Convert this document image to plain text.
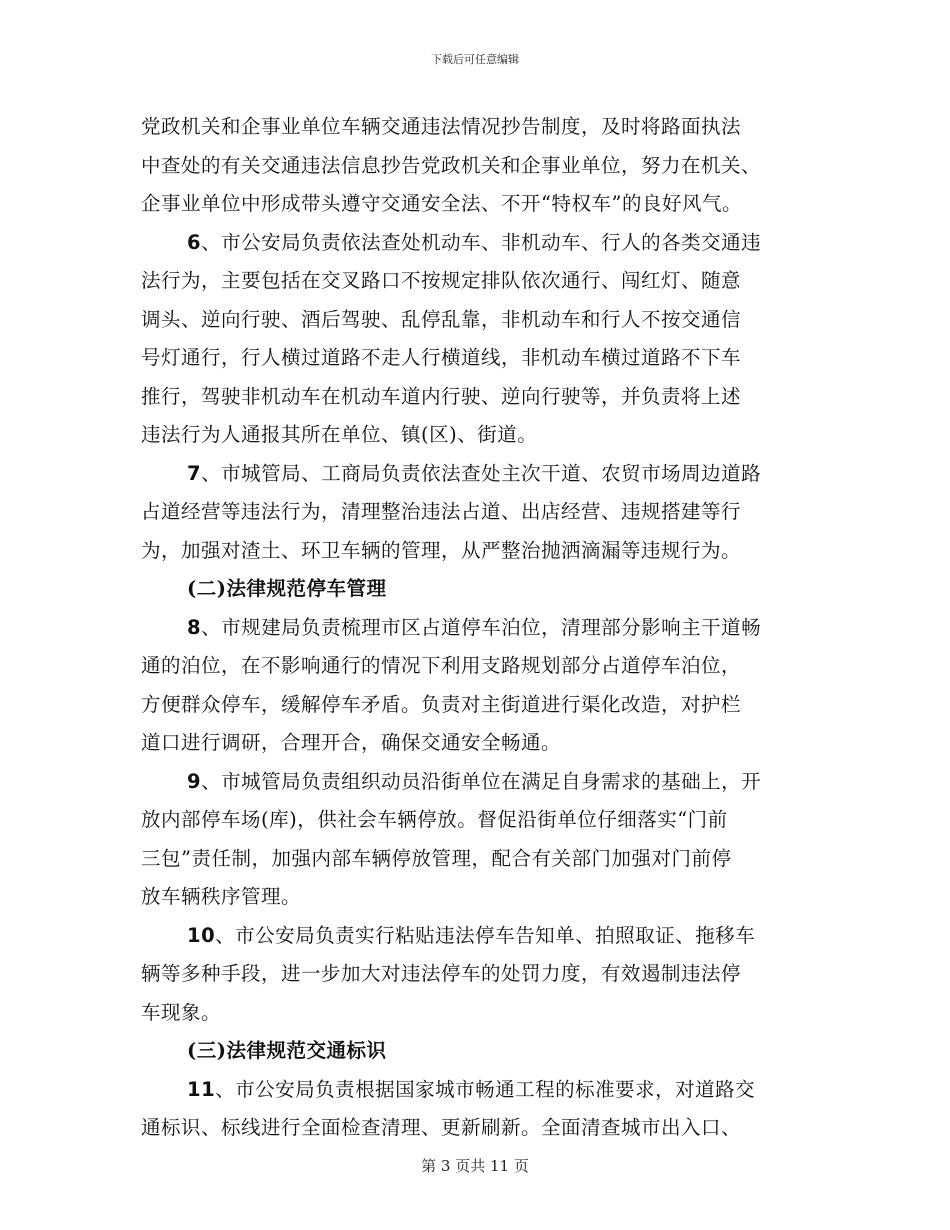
下载后可任意编辑
党政机关和企事业单位车辆交通违法情况抄告制度，及时将路面执法
中查处的有关交通违法信息抄告党政机关和企事业单位，努力在机关、
企事业单位中形成带头遵守交通安全法、不开“特权车”的良好风气。
6、市公安局负责依法查处机动车、非机动车、行人的各类交通违
法行为，主要包括在交叉路口不按规定排队依次通行、闯红灯、随意
调头、逆向行驶、酒后驾驶、乱停乱靠，非机动车和行人不按交通信
号灯通行，行人横过道路不走人行横道线，非机动车横过道路不下车
推行，驾驶非机动车在机动车道内行驶、逆向行驶等，并负责将上述
违法行为人通报其所在单位、镇(区)、街道。
7、市城管局、工商局负责依法查处主次干道、农贸市场周边道路
占道经营等违法行为，清理整治违法占道、出店经营、违规搭建等行
为，加强对渣土、环卫车辆的管理，从严整治抛洒滴漏等违规行为。
(二)法律规范停车管理
8、市规建局负责梳理市区占道停车泊位，清理部分影响主干道畅
通的泊位，在不影响通行的情况下利用支路规划部分占道停车泊位，
方便群众停车，缓解停车矛盾。负责对主街道进行渠化改造，对护栏
道口进行调研，合理开合，确保交通安全畅通。
9、市城管局负责组织动员沿街单位在满足自身需求的基础上，开
放内部停车场(库)，供社会车辆停放。督促沿街单位仔细落实“门前
三包”责任制，加强内部车辆停放管理，配合有关部门加强对门前停
放车辆秩序管理。
10、市公安局负责实行粘贴违法停车告知单、拍照取证、拖移车
辆等多种手段，进一步加大对违法停车的处罚力度，有效遏制违法停
车现象。
(三)法律规范交通标识
11、市公安局负责根据国家城市畅通工程的标准要求，对道路交
通标识、标线进行全面检查清理、更新刷新。全面清查城市出入口、
第 3 页共 11 页
